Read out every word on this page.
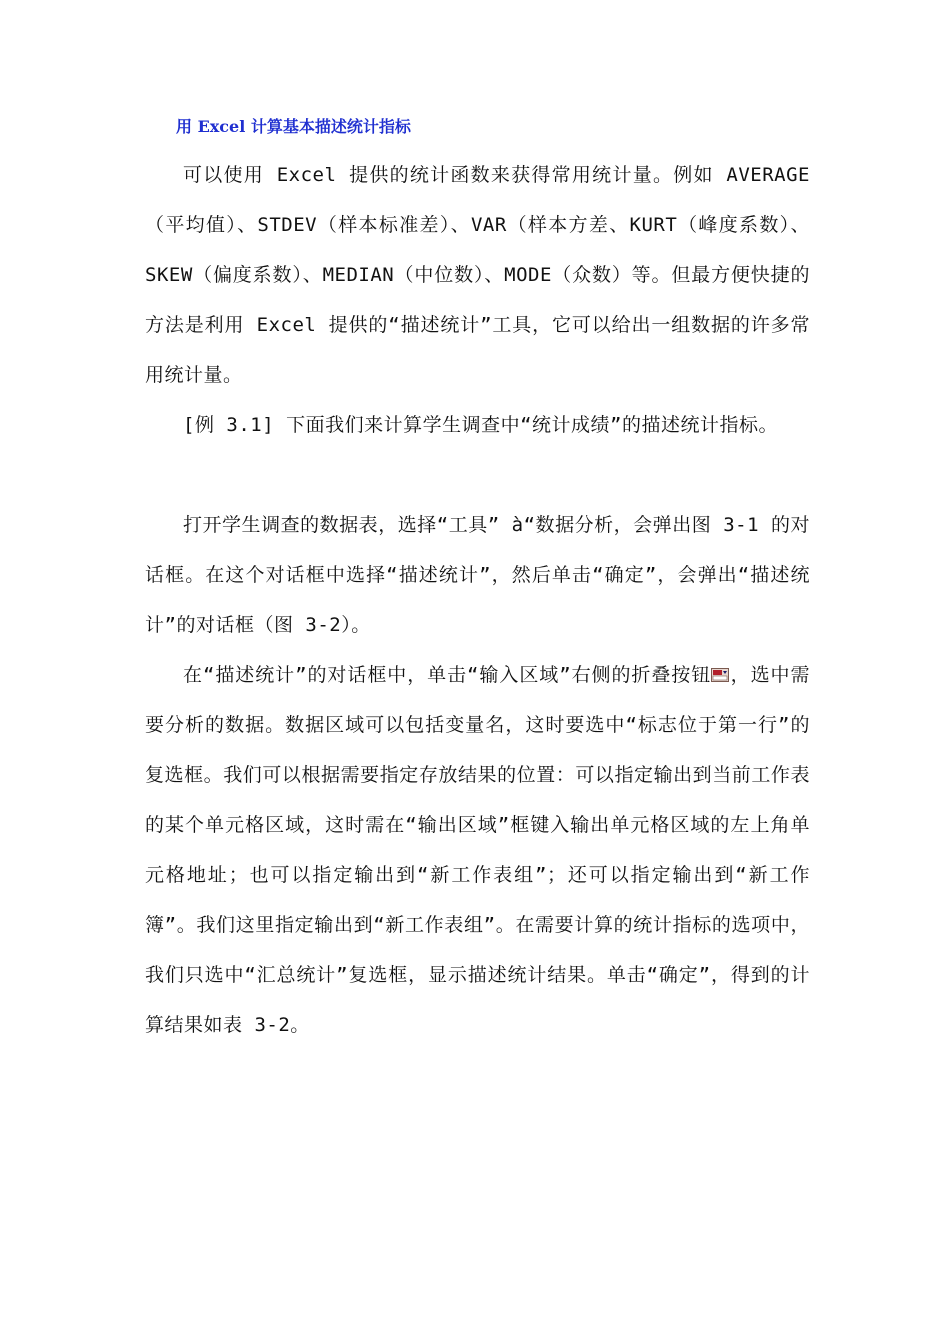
用 Excel 计算基本描述统计指标

可以使用 Excel 提供的统计函数来获得常用统计量。例如 AVERAGE（平均值）、STDEV（样本标准差）、VAR（样本方差、KURT（峰度系数）、SKEW（偏度系数）、MEDIAN（中位数）、MODE（众数）等。但最方便快捷的方法是利用 Excel 提供的“描述统计”工具，它可以给出一组数据的许多常用统计量。

[例 3.1] 下面我们来计算学生调查中“统计成绩”的描述统计指标。

打开学生调查的数据表，选择“工具” à“数据分析，会弹出图 3-1 的对话框。在这个对话框中选择“描述统计”，然后单击“确定”，会弹出“描述统计”的对话框（图 3-2）。

在“描述统计”的对话框中，单击“输入区域”右侧的折叠按钮 ，选中需要分析的数据。数据区域可以包括变量名，这时要选中“标志位于第一行”的复选框。我们可以根据需要指定存放结果的位置：可以指定输出到当前工作表的某个单元格区域，这时需在“输出区域”框键入输出单元格区域的左上角单元格地址；也可以指定输出到“新工作表组”；还可以指定输出到“新工作簿”。我们这里指定输出到“新工作表组”。在需要计算的统计指标的选项中，我们只选中“汇总统计”复选框，显示描述统计结果。单击“确定”，得到的计算结果如表 3-2。
